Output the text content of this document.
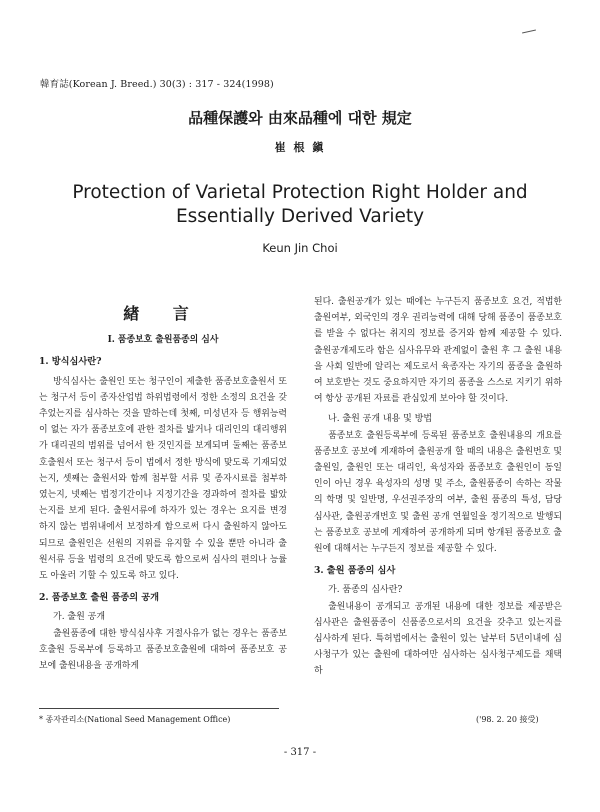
韓育誌(Korean J. Breed.) 30(3) : 317 - 324(1998)
品種保護와 由來品種에 대한 規定
崔 根 鎭
Protection of Varietal Protection Right Holder and
Essentially Derived Variety
Keun Jin Choi

緖 言

Ⅰ. 품종보호 출원품종의 심사

1. 방식심사란?

방식심사는 출원인 또는 청구인이 제출한 품종보호출원서 또는 청구서 등이 종자산업법 하위법령에서 정한 소정의 요건을 갖추었는지를 심사하는 것을 말하는데 첫째, 미성년자 등 행위능력이 없는 자가 품종보호에 관한 절차를 밟거나 대리인의 대리행위가 대리권의 범위를 넘어서 한 것인지를 보게되며 둘째는 품종보호출원서 또는 청구서 등이 법에서 정한 방식에 맞도록 기재되었는지, 셋째는 출원서와 함께 첨부할 서류 및 종자시료를 첨부하였는지, 넷째는 법정기간이나 지정기간을 경과하여 절차를 밟았는지를 보게 된다. 출원서류에 하자가 있는 경우는 요지를 변경하지 않는 범위내에서 보정하게 함으로써 다시 출원하지 않아도 되므로 출원인은 선원의 지위를 유지할 수 있을 뿐만 아니라 출원서류 등을 법령의 요건에 맞도록 함으로써 심사의 편의나 능률도 아울러 기할 수 있도록 하고 있다.

2. 품종보호 출원 품종의 공개

가. 출원 공개

출원품종에 대한 방식심사후 거절사유가 없는 경우는 품종보호출원 등록부에 등록하고 품종보호출원에 대하여 품종보호 공보에 출원내용을 공개하게

된다. 출원공개가 있는 때에는 누구든지 품종보호 요건, 적법한 출원여부, 외국인의 경우 권리능력에 대해 당해 품종이 품종보호를 받을 수 없다는 취지의 정보를 증거와 함께 제공할 수 있다. 출원공개제도라 함은 심사유무와 관계없이 출원 후 그 출원 내용을 사회 일반에 알리는 제도로서 육종자는 자기의 품종을 출원하여 보호받는 것도 중요하지만 자기의 품종을 스스로 지키기 위하여 항상 공개된 자료를 관심있게 보아야 할 것이다.

나. 출원 공개 내용 및 방법

품종보호 출원등록부에 등록된 품종보호 출원내용의 개요를 품종보호 공보에 게재하여 출원공개 할 때의 내용은 출원번호 및 출원일, 출원인 또는 대리인, 육성자와 품종보호 출원인이 동일인이 아닌 경우 육성자의 성명 및 주소, 출원품종이 속하는 작물의 학명 및 일반명, 우선권주장의 여부, 출원 품종의 특성, 담당심사관, 출원공개번호 및 출원 공개 연월일을 정기적으로 발행되는 품종보호 공보에 게재하여 공개하게 되며 항개된 품종보호 출원에 대해서는 누구든지 정보를 제공할 수 있다.

3. 출원 품종의 심사

가. 품종의 심사란?

출원내용이 공개되고 공개된 내용에 대한 정보를 제공받은 심사관은 출원품종이 신품종으로서의 요건을 갖추고 있는지를 심사하게 된다. 특허법에서는 출원이 있는 날부터 5년이내에 심사청구가 있는 출원에 대하여만 심사하는 심사청구제도를 채택하

* 종자관리소(National Seed Management Office)	('98. 2. 20 接受)
- 317 -
